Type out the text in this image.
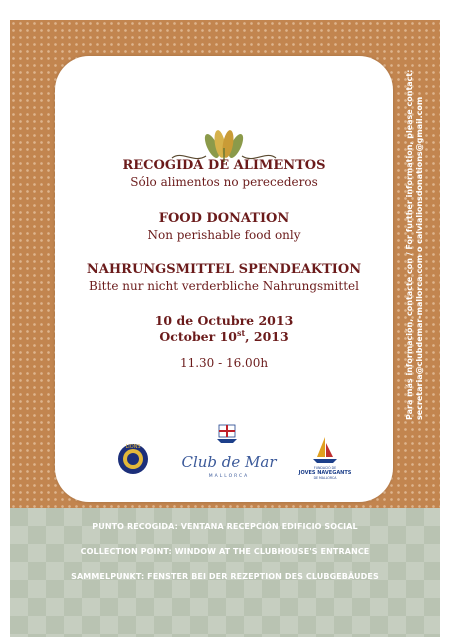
RECOGIDA DE ALIMENTOS
Sólo alimentos no perecederos
FOOD DONATION
Non perishable food only
NAHRUNGSMITTEL SPENDEAKTION
Bitte nur nicht verderbliche Nahrungsmittel
10 de Octubre 2013
October 10st, 2013
11.30 - 16.00h
LIONS
Club de Mar
MALLORCA
FUNDACIÓ DE
JOVES NAVEGANTS
DE MALLORCA
Para más información, contacte con / For further information, please contact: secretaria@clubdemar-mallorca.com o calvialionsdonations@gmail.com
PUNTO RECOGIDA: VENTANA RECEPCIÓN EDIFICIO SOCIAL
COLLECTION POINT: WINDOW AT THE CLUBHOUSE'S ENTRANCE
SAMMELPUNKT: FENSTER BEI DER REZEPTION DES CLUBGEBÄUDES
